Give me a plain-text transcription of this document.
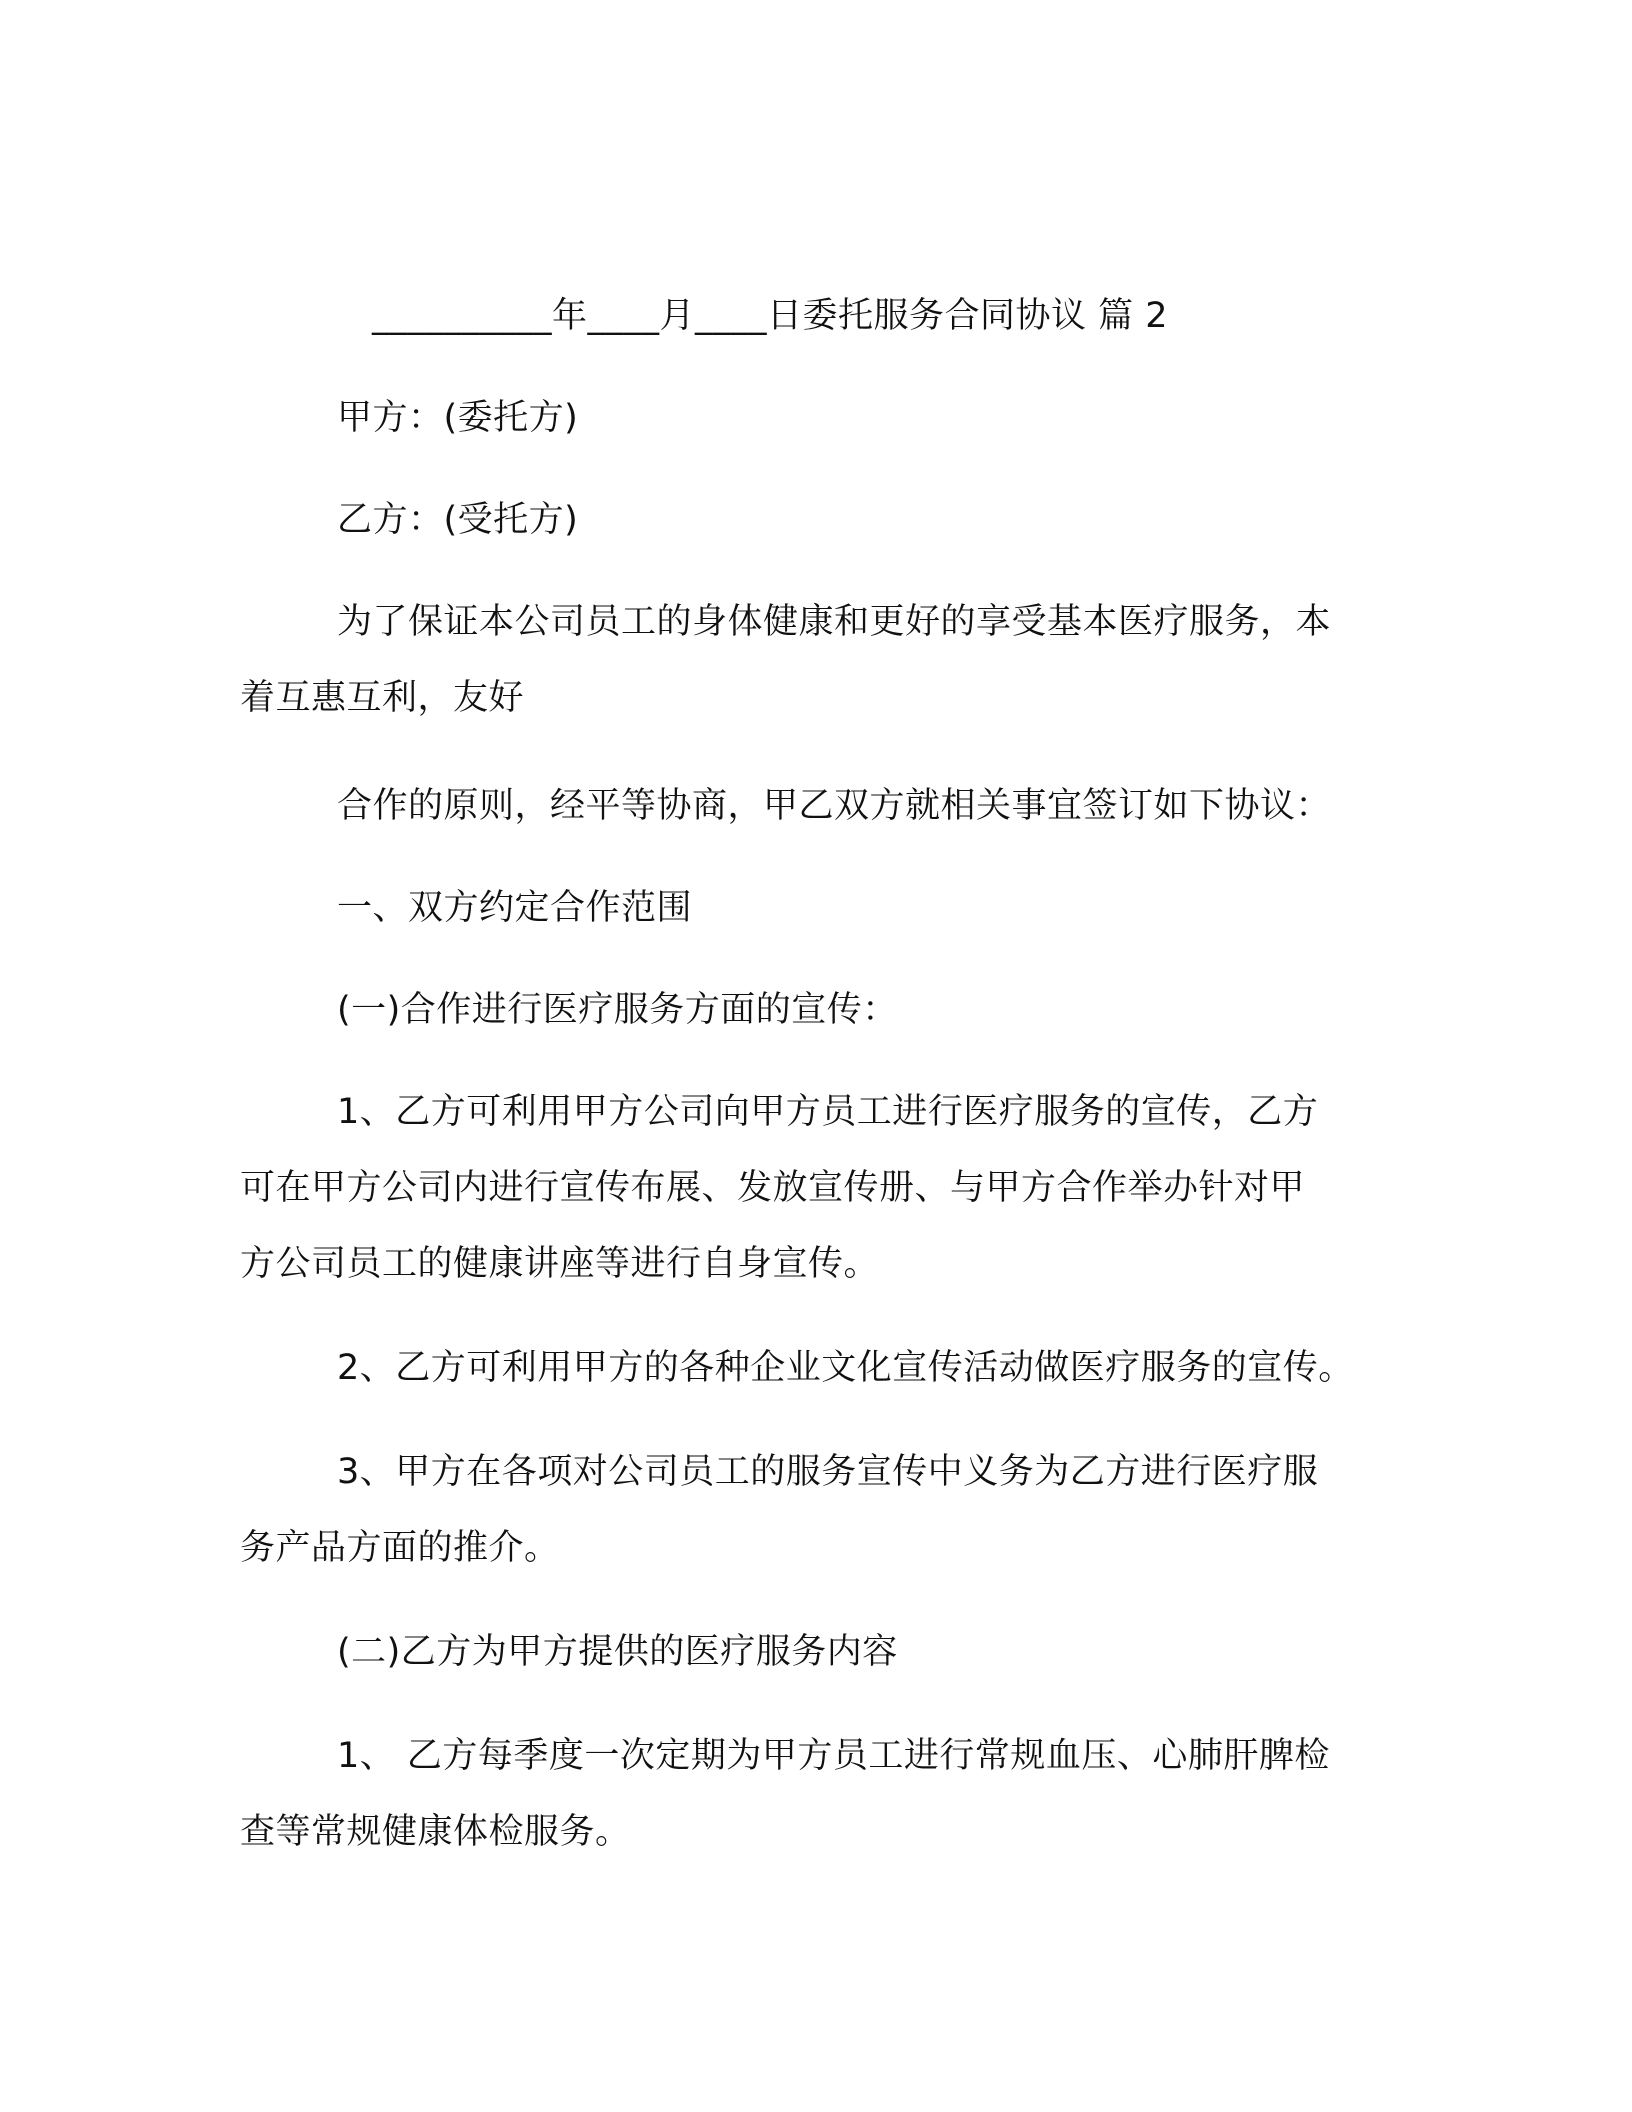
__________年____月____日委托服务合同协议 篇 2
甲方：(委托方)
乙方：(受托方)
为了保证本公司员工的身体健康和更好的享受基本医疗服务，本
着互惠互利，友好
合作的原则，经平等协商，甲乙双方就相关事宜签订如下协议：
一、双方约定合作范围
(一)合作进行医疗服务方面的宣传：
1、乙方可利用甲方公司向甲方员工进行医疗服务的宣传，乙方
可在甲方公司内进行宣传布展、发放宣传册、与甲方合作举办针对甲
方公司员工的健康讲座等进行自身宣传。
2、乙方可利用甲方的各种企业文化宣传活动做医疗服务的宣传。
3、甲方在各项对公司员工的服务宣传中义务为乙方进行医疗服
务产品方面的推介。
(二)乙方为甲方提供的医疗服务内容
1、 乙方每季度一次定期为甲方员工进行常规血压、心肺肝脾检
查等常规健康体检服务。
